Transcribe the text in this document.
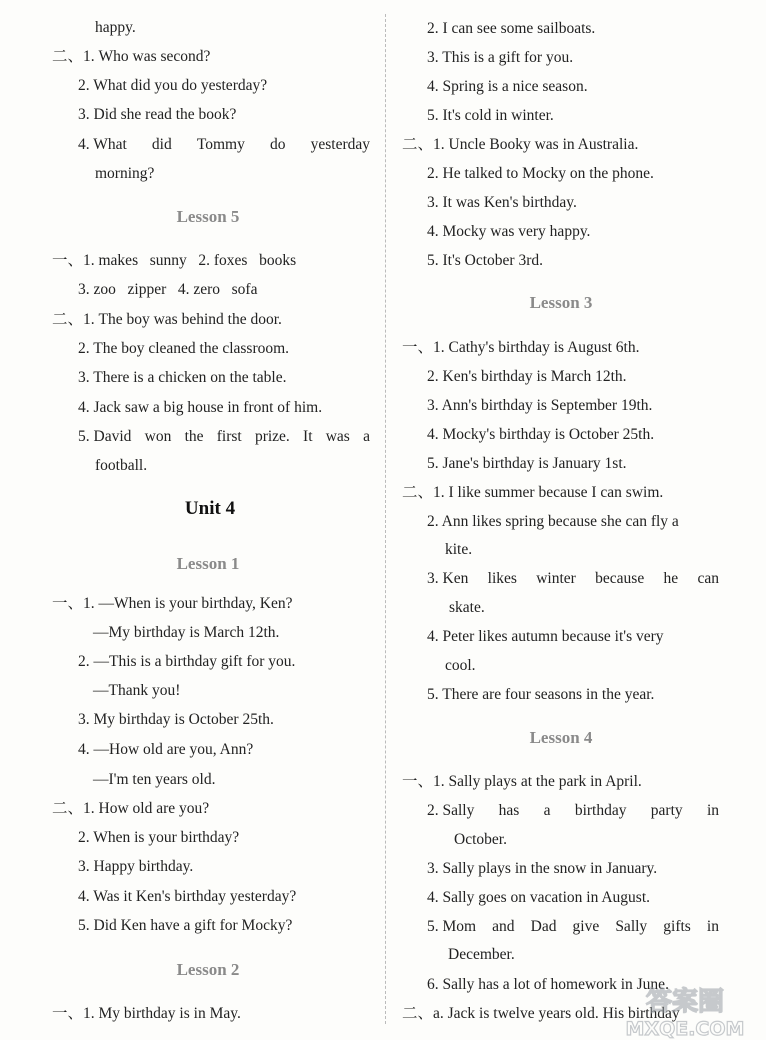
happy.
二、1. Who was second?
2. What did you do yesterday?
3. Did she read the book?
4. What did Tommy do yesterday
morning?
Lesson 5
一、1. makes   sunny   2. foxes   books
3. zoo   zipper   4. zero   sofa
二、1. The boy was behind the door.
2. The boy cleaned the classroom.
3. There is a chicken on the table.
4. Jack saw a big house in front of him.
5. David won the first prize. It was a
football.
Unit 4
Lesson 1
一、1. —When is your birthday, Ken?
—My birthday is March 12th.
2. —This is a birthday gift for you.
—Thank you!
3. My birthday is October 25th.
4. —How old are you, Ann?
—I'm ten years old.
二、1. How old are you?
2. When is your birthday?
3. Happy birthday.
4. Was it Ken's birthday yesterday?
5. Did Ken have a gift for Mocky?
Lesson 2
一、1. My birthday is in May.
2. I can see some sailboats.
3. This is a gift for you.
4. Spring is a nice season.
5. It's cold in winter.
二、1. Uncle Booky was in Australia.
2. He talked to Mocky on the phone.
3. It was Ken's birthday.
4. Mocky was very happy.
5. It's October 3rd.
Lesson 3
一、1. Cathy's birthday is August 6th.
2. Ken's birthday is March 12th.
3. Ann's birthday is September 19th.
4. Mocky's birthday is October 25th.
5. Jane's birthday is January 1st.
二、1. I like summer because I can swim.
2. Ann likes spring because she can fly a
kite.
3. Ken likes winter because he can
skate.
4. Peter likes autumn because it's very
cool.
5. There are four seasons in the year.
Lesson 4
一、1. Sally plays at the park in April.
2. Sally has a birthday party in
October.
3. Sally plays in the snow in January.
4. Sally goes on vacation in August.
5. Mom and Dad give Sally gifts in
December.
6. Sally has a lot of homework in June.
二、a. Jack is twelve years old. His birthday
答案圈
MXQE.COM
